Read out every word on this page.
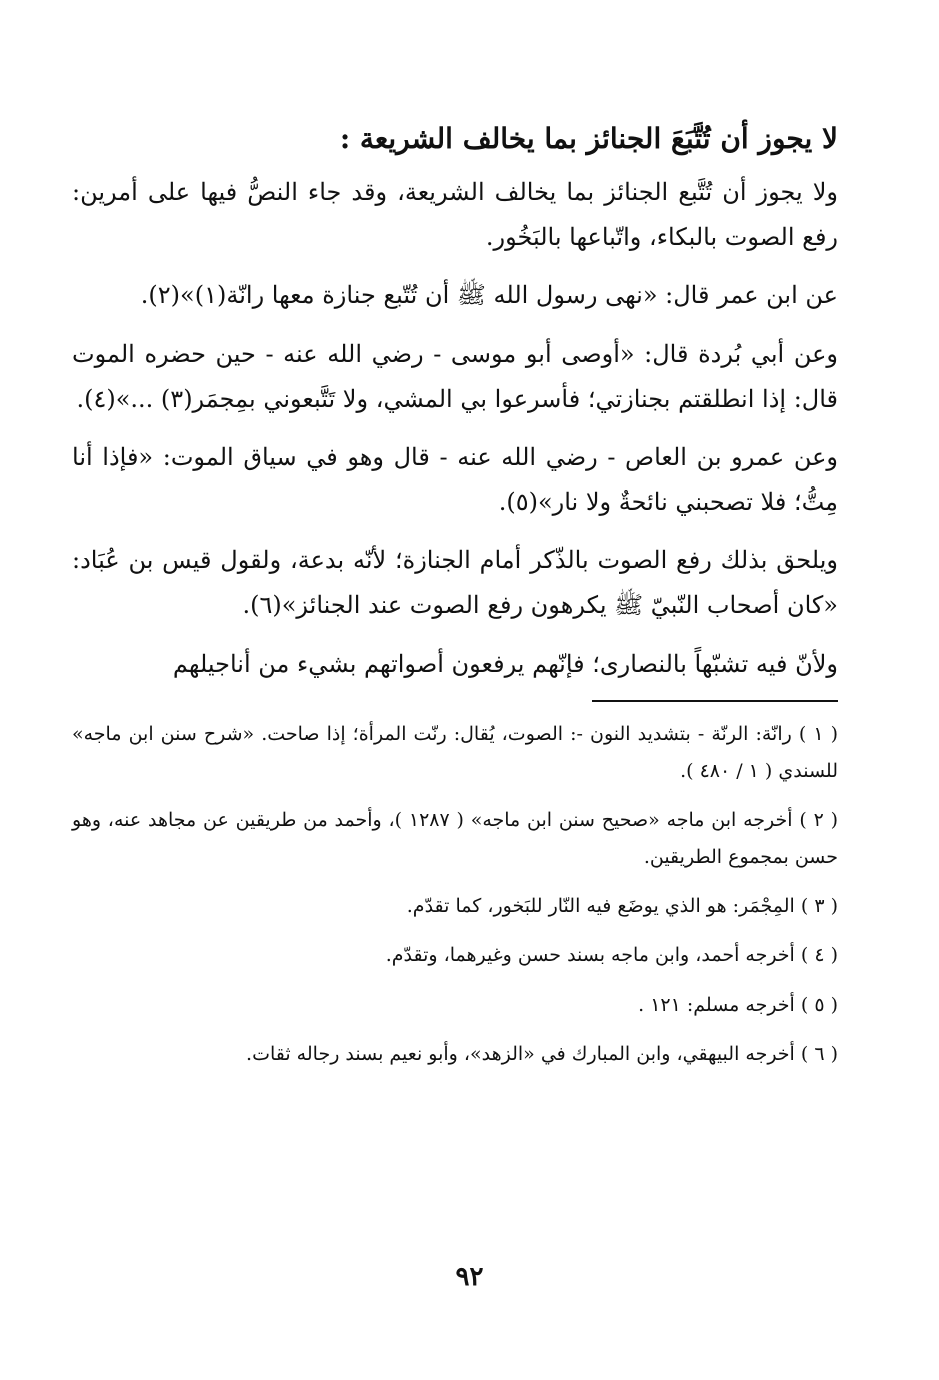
لا يجوز أن تُتَّبَعَ الجنائز بما يخالف الشريعة :

ولا يجوز أن تُتَّبع الجنائز بما يخالف الشريعة، وقد جاء النصُّ فيها على أمرين: رفع الصوت بالبكاء، واتّباعها بالبَخُور.

عن ابن عمر قال: «نهى رسول الله ﷺ أن تُتّبع جنازة معها رانّة(١)»(٢).

وعن أبي بُردة قال: «أوصى أبو موسى - رضي الله عنه - حين حضره الموت قال: إذا انطلقتم بجنازتي؛ فأسرعوا بي المشي، ولا تَتَّبعوني بمِجمَر(٣) ...»(٤).

وعن عمرو بن العاص - رضي الله عنه - قال وهو في سياق الموت: «فإذا أنا مِتُّ؛ فلا تصحبني نائحةٌ ولا نار»(٥).

ويلحق بذلك رفع الصوت بالذّكر أمام الجنازة؛ لأنّه بدعة، ولقول قيس بن عُبَاد: «كان أصحاب النّبيّ ﷺ يكرهون رفع الصوت عند الجنائز»(٦).

ولأنّ فيه تشبّهاً بالنصارى؛ فإنّهم يرفعون أصواتهم بشيء من أناجيلهم

( ١ ) رانّة: الرنّة - بتشديد النون -: الصوت، يُقال: رنّت المرأة؛ إذا صاحت. «شرح سنن ابن ماجه» للسندي ( ١ / ٤٨٠ ).

( ٢ ) أخرجه ابن ماجه «صحيح سنن ابن ماجه» ( ١٢٨٧ )، وأحمد من طريقين عن مجاهد عنه، وهو حسن بمجموع الطريقين.

( ٣ ) المِجْمَر: هو الذي يوضَع فيه النّار للبَخور، كما تقدّم.

( ٤ ) أخرجه أحمد، وابن ماجه بسند حسن وغيرهما، وتقدّم.

( ٥ ) أخرجه مسلم: ١٢١ .

( ٦ ) أخرجه البيهقي، وابن المبارك في «الزهد»، وأبو نعيم بسند رجاله ثقات.

٩٢
